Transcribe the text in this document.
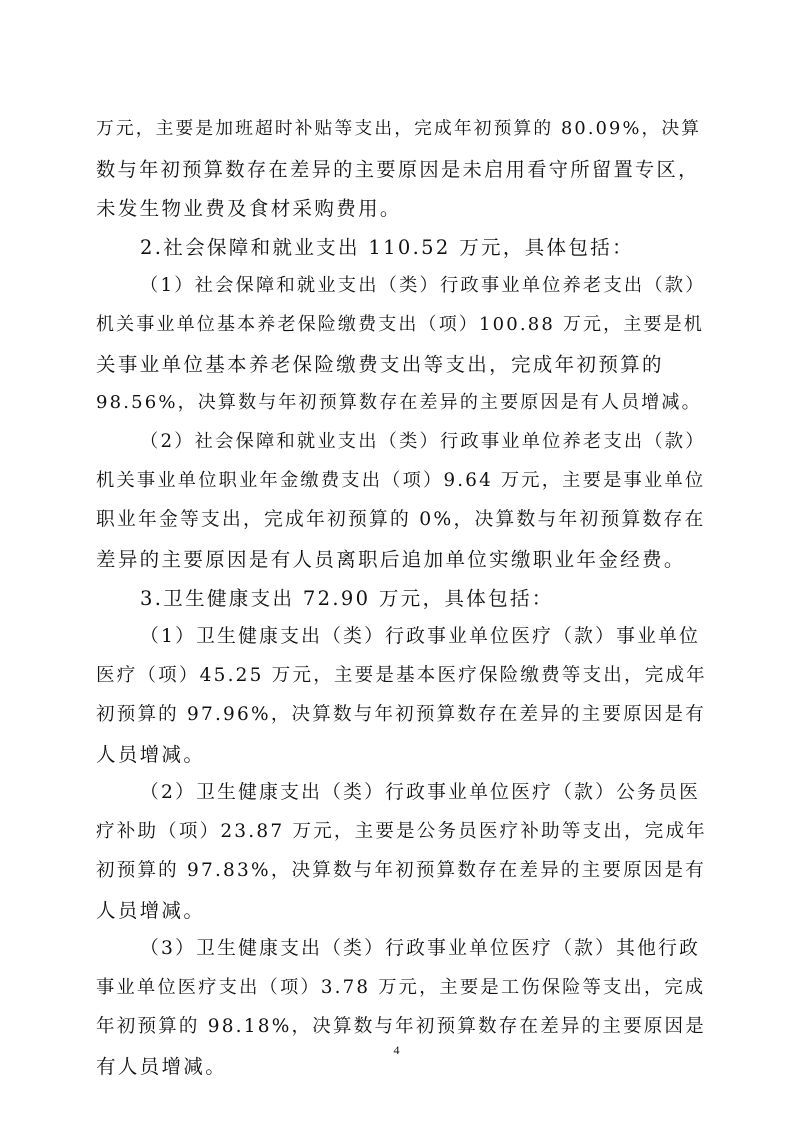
万元，主要是加班超时补贴等支出，完成年初预算的 80.09%，决算
数与年初预算数存在差异的主要原因是未启用看守所留置专区，
未发生物业费及食材采购费用。
2.社会保障和就业支出 110.52 万元，具体包括：
（1）社会保障和就业支出（类）行政事业单位养老支出（款）
机关事业单位基本养老保险缴费支出（项）100.88 万元，主要是机
关事业单位基本养老保险缴费支出等支出，完成年初预算的
98.56%，决算数与年初预算数存在差异的主要原因是有人员增减。
（2）社会保障和就业支出（类）行政事业单位养老支出（款）
机关事业单位职业年金缴费支出（项）9.64 万元，主要是事业单位
职业年金等支出，完成年初预算的 0%，决算数与年初预算数存在
差异的主要原因是有人员离职后追加单位实缴职业年金经费。
3.卫生健康支出 72.90 万元，具体包括：
（1）卫生健康支出（类）行政事业单位医疗（款）事业单位
医疗（项）45.25 万元，主要是基本医疗保险缴费等支出，完成年
初预算的 97.96%，决算数与年初预算数存在差异的主要原因是有
人员增减。
（2）卫生健康支出（类）行政事业单位医疗（款）公务员医
疗补助（项）23.87 万元，主要是公务员医疗补助等支出，完成年
初预算的 97.83%，决算数与年初预算数存在差异的主要原因是有
人员增减。
（3）卫生健康支出（类）行政事业单位医疗（款）其他行政
事业单位医疗支出（项）3.78 万元，主要是工伤保险等支出，完成
年初预算的 98.18%，决算数与年初预算数存在差异的主要原因是
有人员增减。
4
